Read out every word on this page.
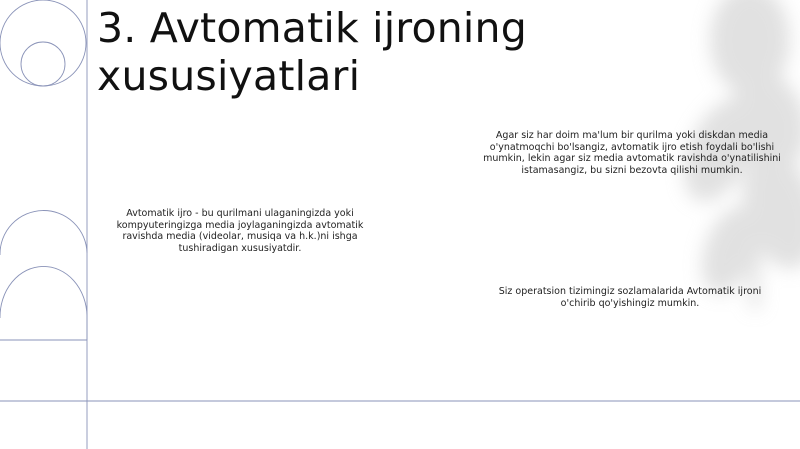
3. Avtomatik ijroning xususiyatlari

Avtomatik ijro - bu qurilmani ulaganingizda yoki kompyuteringizga media joylaganingizda avtomatik ravishda media (videolar, musiqa va h.k.)ni ishga tushiradigan xususiyatdir.

Agar siz har doim ma'lum bir qurilma yoki diskdan media o'ynatmoqchi bo'lsangiz, avtomatik ijro etish foydali bo'lishi mumkin, lekin agar siz media avtomatik ravishda o'ynatilishini istamasangiz, bu sizni bezovta qilishi mumkin.

Siz operatsion tizimingiz sozlamalarida Avtomatik ijroni o'chirib qo'yishingiz mumkin.
